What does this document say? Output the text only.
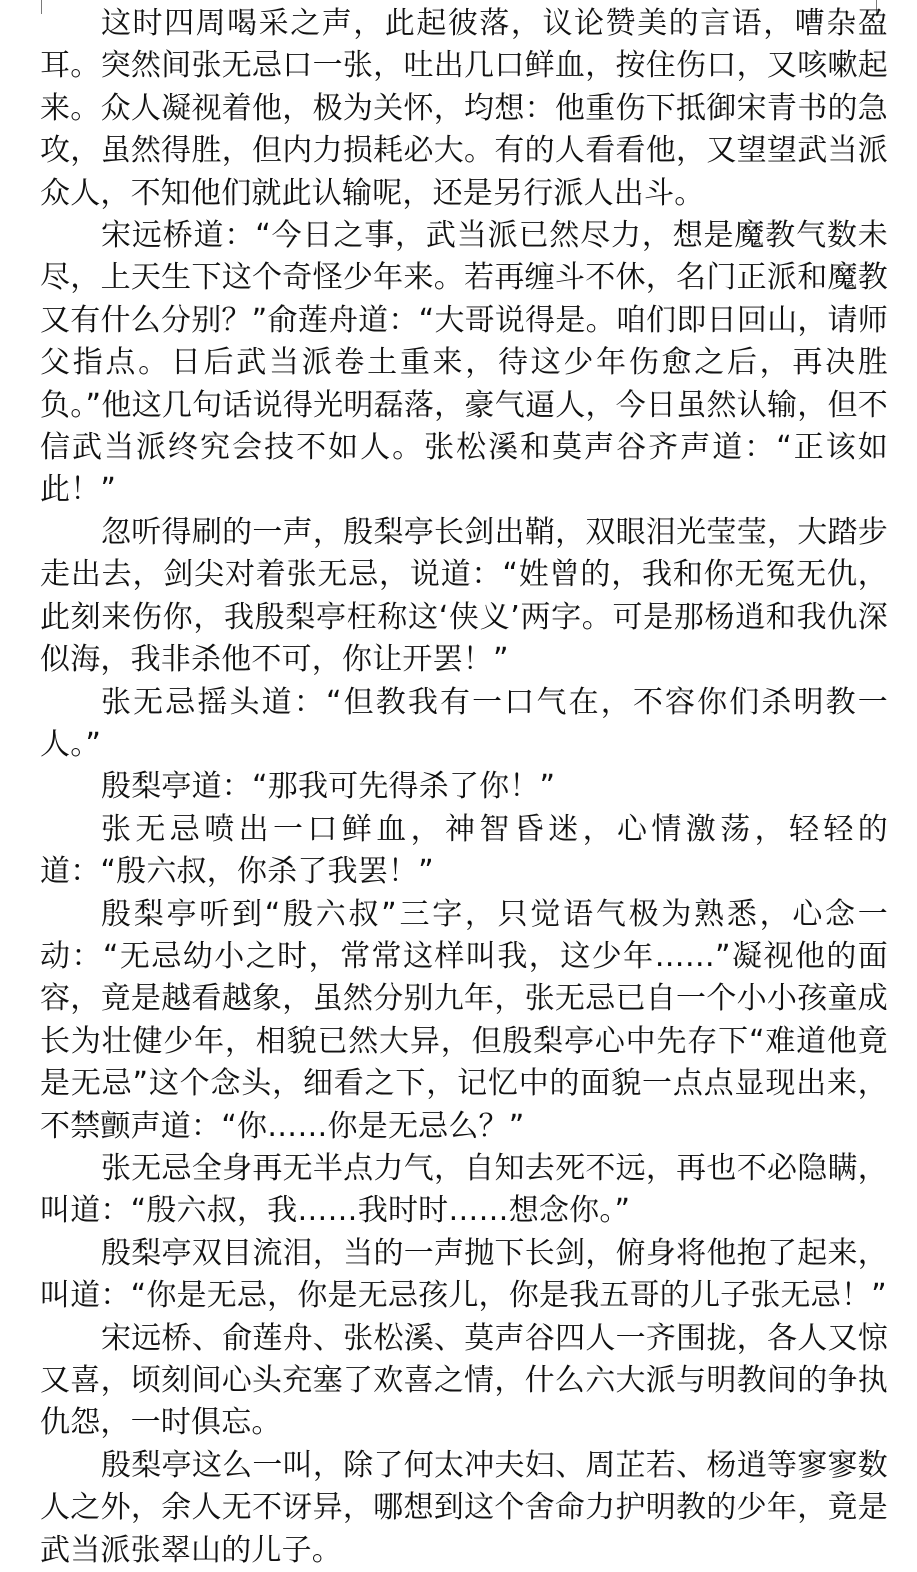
这时四周喝采之声，此起彼落，议论赞美的言语，嘈杂盈耳。突然间张无忌口一张，吐出几口鲜血，按住伤口，又咳嗽起来。众人凝视着他，极为关怀，均想：他重伤下抵御宋青书的急攻，虽然得胜，但内力损耗必大。有的人看看他，又望望武当派众人，不知他们就此认输呢，还是另行派人出斗。

宋远桥道：“今日之事，武当派已然尽力，想是魔教气数未尽，上天生下这个奇怪少年来。若再缠斗不休，名门正派和魔教又有什么分别？”俞莲舟道：“大哥说得是。咱们即日回山，请师父指点。日后武当派卷土重来，待这少年伤愈之后，再决胜负。”他这几句话说得光明磊落，豪气逼人，今日虽然认输，但不信武当派终究会技不如人。张松溪和莫声谷齐声道：“正该如此！”

忽听得刷的一声，殷梨亭长剑出鞘，双眼泪光莹莹，大踏步走出去，剑尖对着张无忌，说道：“姓曾的，我和你无冤无仇，此刻来伤你，我殷梨亭枉称这‘侠义’两字。可是那杨逍和我仇深似海，我非杀他不可，你让开罢！”

张无忌摇头道：“但教我有一口气在，不容你们杀明教一人。”

殷梨亭道：“那我可先得杀了你！”

张无忌喷出一口鲜血，神智昏迷，心情激荡，轻轻的道：“殷六叔，你杀了我罢！”

殷梨亭听到“殷六叔”三字，只觉语气极为熟悉，心念一动：“无忌幼小之时，常常这样叫我，这少年……”凝视他的面容，竟是越看越象，虽然分别九年，张无忌已自一个小小孩童成长为壮健少年，相貌已然大异，但殷梨亭心中先存下“难道他竟是无忌”这个念头，细看之下，记忆中的面貌一点点显现出来，不禁颤声道：“你……你是无忌么？”

张无忌全身再无半点力气，自知去死不远，再也不必隐瞒，叫道：“殷六叔，我……我时时……想念你。”

殷梨亭双目流泪，当的一声抛下长剑，俯身将他抱了起来，叫道：“你是无忌，你是无忌孩儿，你是我五哥的儿子张无忌！”

宋远桥、俞莲舟、张松溪、莫声谷四人一齐围拢，各人又惊又喜，顷刻间心头充塞了欢喜之情，什么六大派与明教间的争执仇怨，一时俱忘。

殷梨亭这么一叫，除了何太冲夫妇、周芷若、杨逍等寥寥数人之外，余人无不讶异，哪想到这个舍命力护明教的少年，竟是武当派张翠山的儿子。
